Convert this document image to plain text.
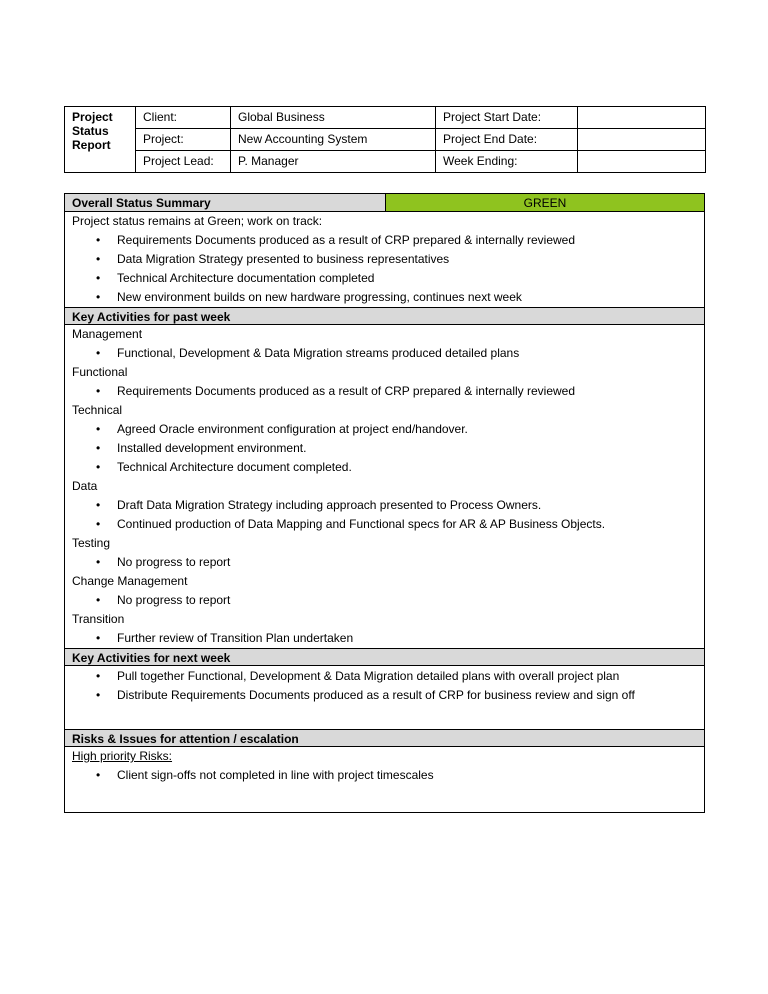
Project Status Report	Client:	Global Business	Project Start Date:	
	Project:	New Accounting System	Project End Date:	
	Project Lead:	P. Manager	Week Ending:	
Overall Status Summary	GREEN
Project status remains at Green; work on track:
• Requirements Documents produced as a result of CRP prepared & internally reviewed
• Data Migration Strategy presented to business representatives
• Technical Architecture documentation completed
• New environment builds on new hardware progressing, continues next week
Key Activities for past week
Management
• Functional, Development & Data Migration streams produced detailed plans
Functional
• Requirements Documents produced as a result of CRP prepared & internally reviewed
Technical
• Agreed Oracle environment configuration at project end/handover.
• Installed development environment.
• Technical Architecture document completed.
Data
• Draft Data Migration Strategy including approach presented to Process Owners.
• Continued production of Data Mapping and Functional specs for AR & AP Business Objects.
Testing
• No progress to report
Change Management
• No progress to report
Transition
• Further review of Transition Plan undertaken
Key Activities for next week
• Pull together Functional, Development & Data Migration detailed plans with overall project plan
• Distribute Requirements Documents produced as a result of CRP for business review and sign off
Risks & Issues for attention / escalation
High priority Risks:
• Client sign-offs not completed in line with project timescales
